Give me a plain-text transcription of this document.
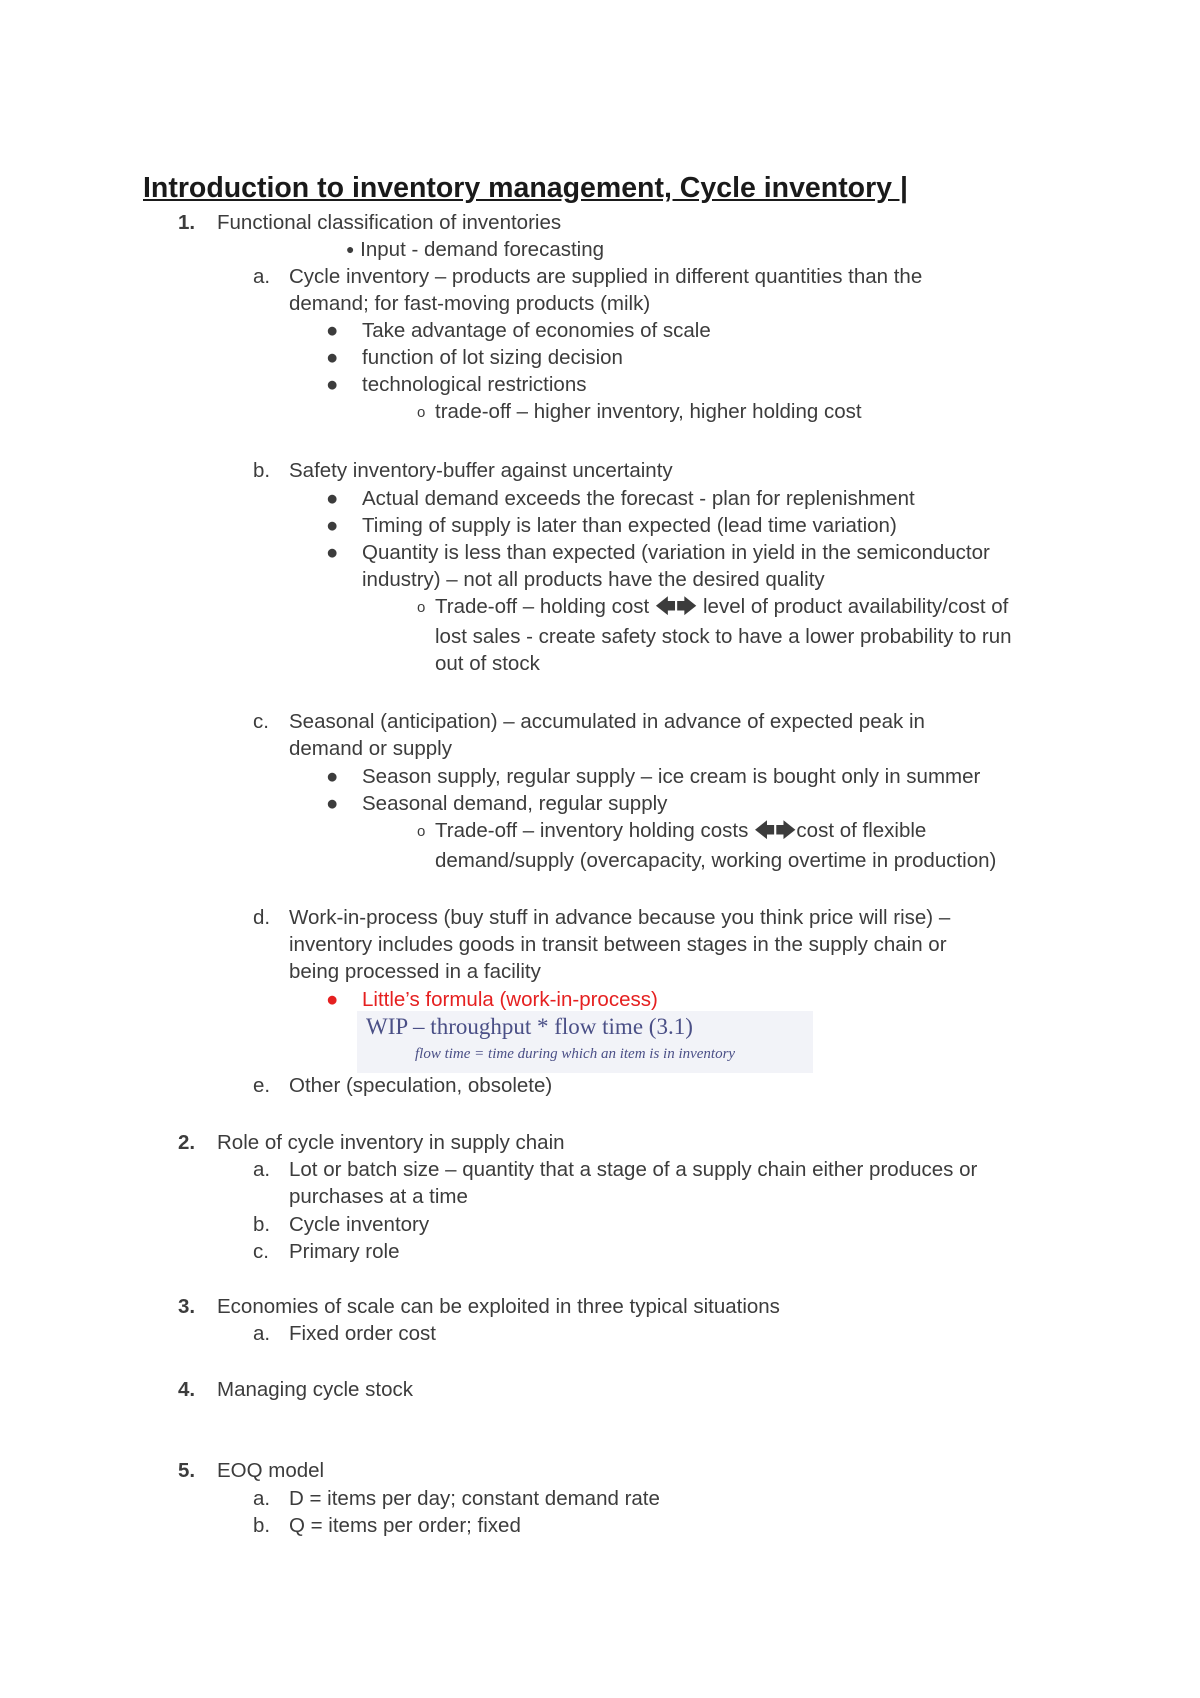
Introduction to inventory management, Cycle inventory |
1. Functional classification of inventories
● Input - demand forecasting
a. Cycle inventory – products are supplied in different quantities than the
demand; for fast-moving products (milk)
● Take advantage of economies of scale
● function of lot sizing decision
● technological restrictions
o trade-off – higher inventory, higher holding cost
b. Safety inventory-buffer against uncertainty
● Actual demand exceeds the forecast - plan for replenishment
● Timing of supply is later than expected (lead time variation)
● Quantity is less than expected (variation in yield in the semiconductor
industry) – not all products have the desired quality
o Trade-off – holding cost 🡄🡆 level of product availability/cost of
lost sales - create safety stock to have a lower probability to run
out of stock
c. Seasonal (anticipation) – accumulated in advance of expected peak in
demand or supply
● Season supply, regular supply – ice cream is bought only in summer
● Seasonal demand, regular supply
o Trade-off – inventory holding costs 🡄🡆cost of flexible
demand/supply (overcapacity, working overtime in production)
d. Work-in-process (buy stuff in advance because you think price will rise) –
inventory includes goods in transit between stages in the supply chain or
being processed in a facility
● Little’s formula (work-in-process)
WIP – throughput * flow time (3.1)
flow time = time during which an item is in inventory
e. Other (speculation, obsolete)
2. Role of cycle inventory in supply chain
a. Lot or batch size – quantity that a stage of a supply chain either produces or
purchases at a time
b. Cycle inventory
c. Primary role
3. Economies of scale can be exploited in three typical situations
a. Fixed order cost
4. Managing cycle stock
5. EOQ model
a. D = items per day; constant demand rate
b. Q = items per order; fixed
